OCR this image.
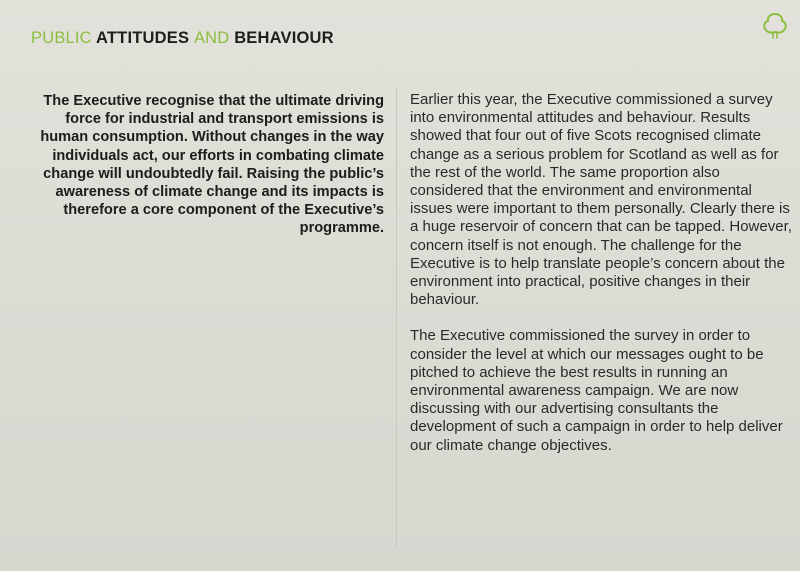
PUBLIC ATTITUDES AND BEHAVIOUR
The Executive recognise that the ultimate driving force for industrial and transport emissions is human consumption. Without changes in the way individuals act, our efforts in combating climate change will undoubtedly fail. Raising the public’s awareness of climate change and its impacts is therefore a core component of the Executive’s programme.

Earlier this year, the Executive commissioned a survey into environmental attitudes and behaviour. Results showed that four out of five Scots recognised climate change as a serious problem for Scotland as well as for the rest of the world. The same proportion also considered that the environment and environmental issues were important to them personally. Clearly there is a huge reservoir of concern that can be tapped. However, concern itself is not enough. The challenge for the Executive is to help translate people’s concern about the environment into practical, positive changes in their behaviour.

The Executive commissioned the survey in order to consider the level at which our messages ought to be pitched to achieve the best results in running an environmental awareness campaign. We are now discussing with our advertising consultants the development of such a campaign in order to help deliver our climate change objectives.
